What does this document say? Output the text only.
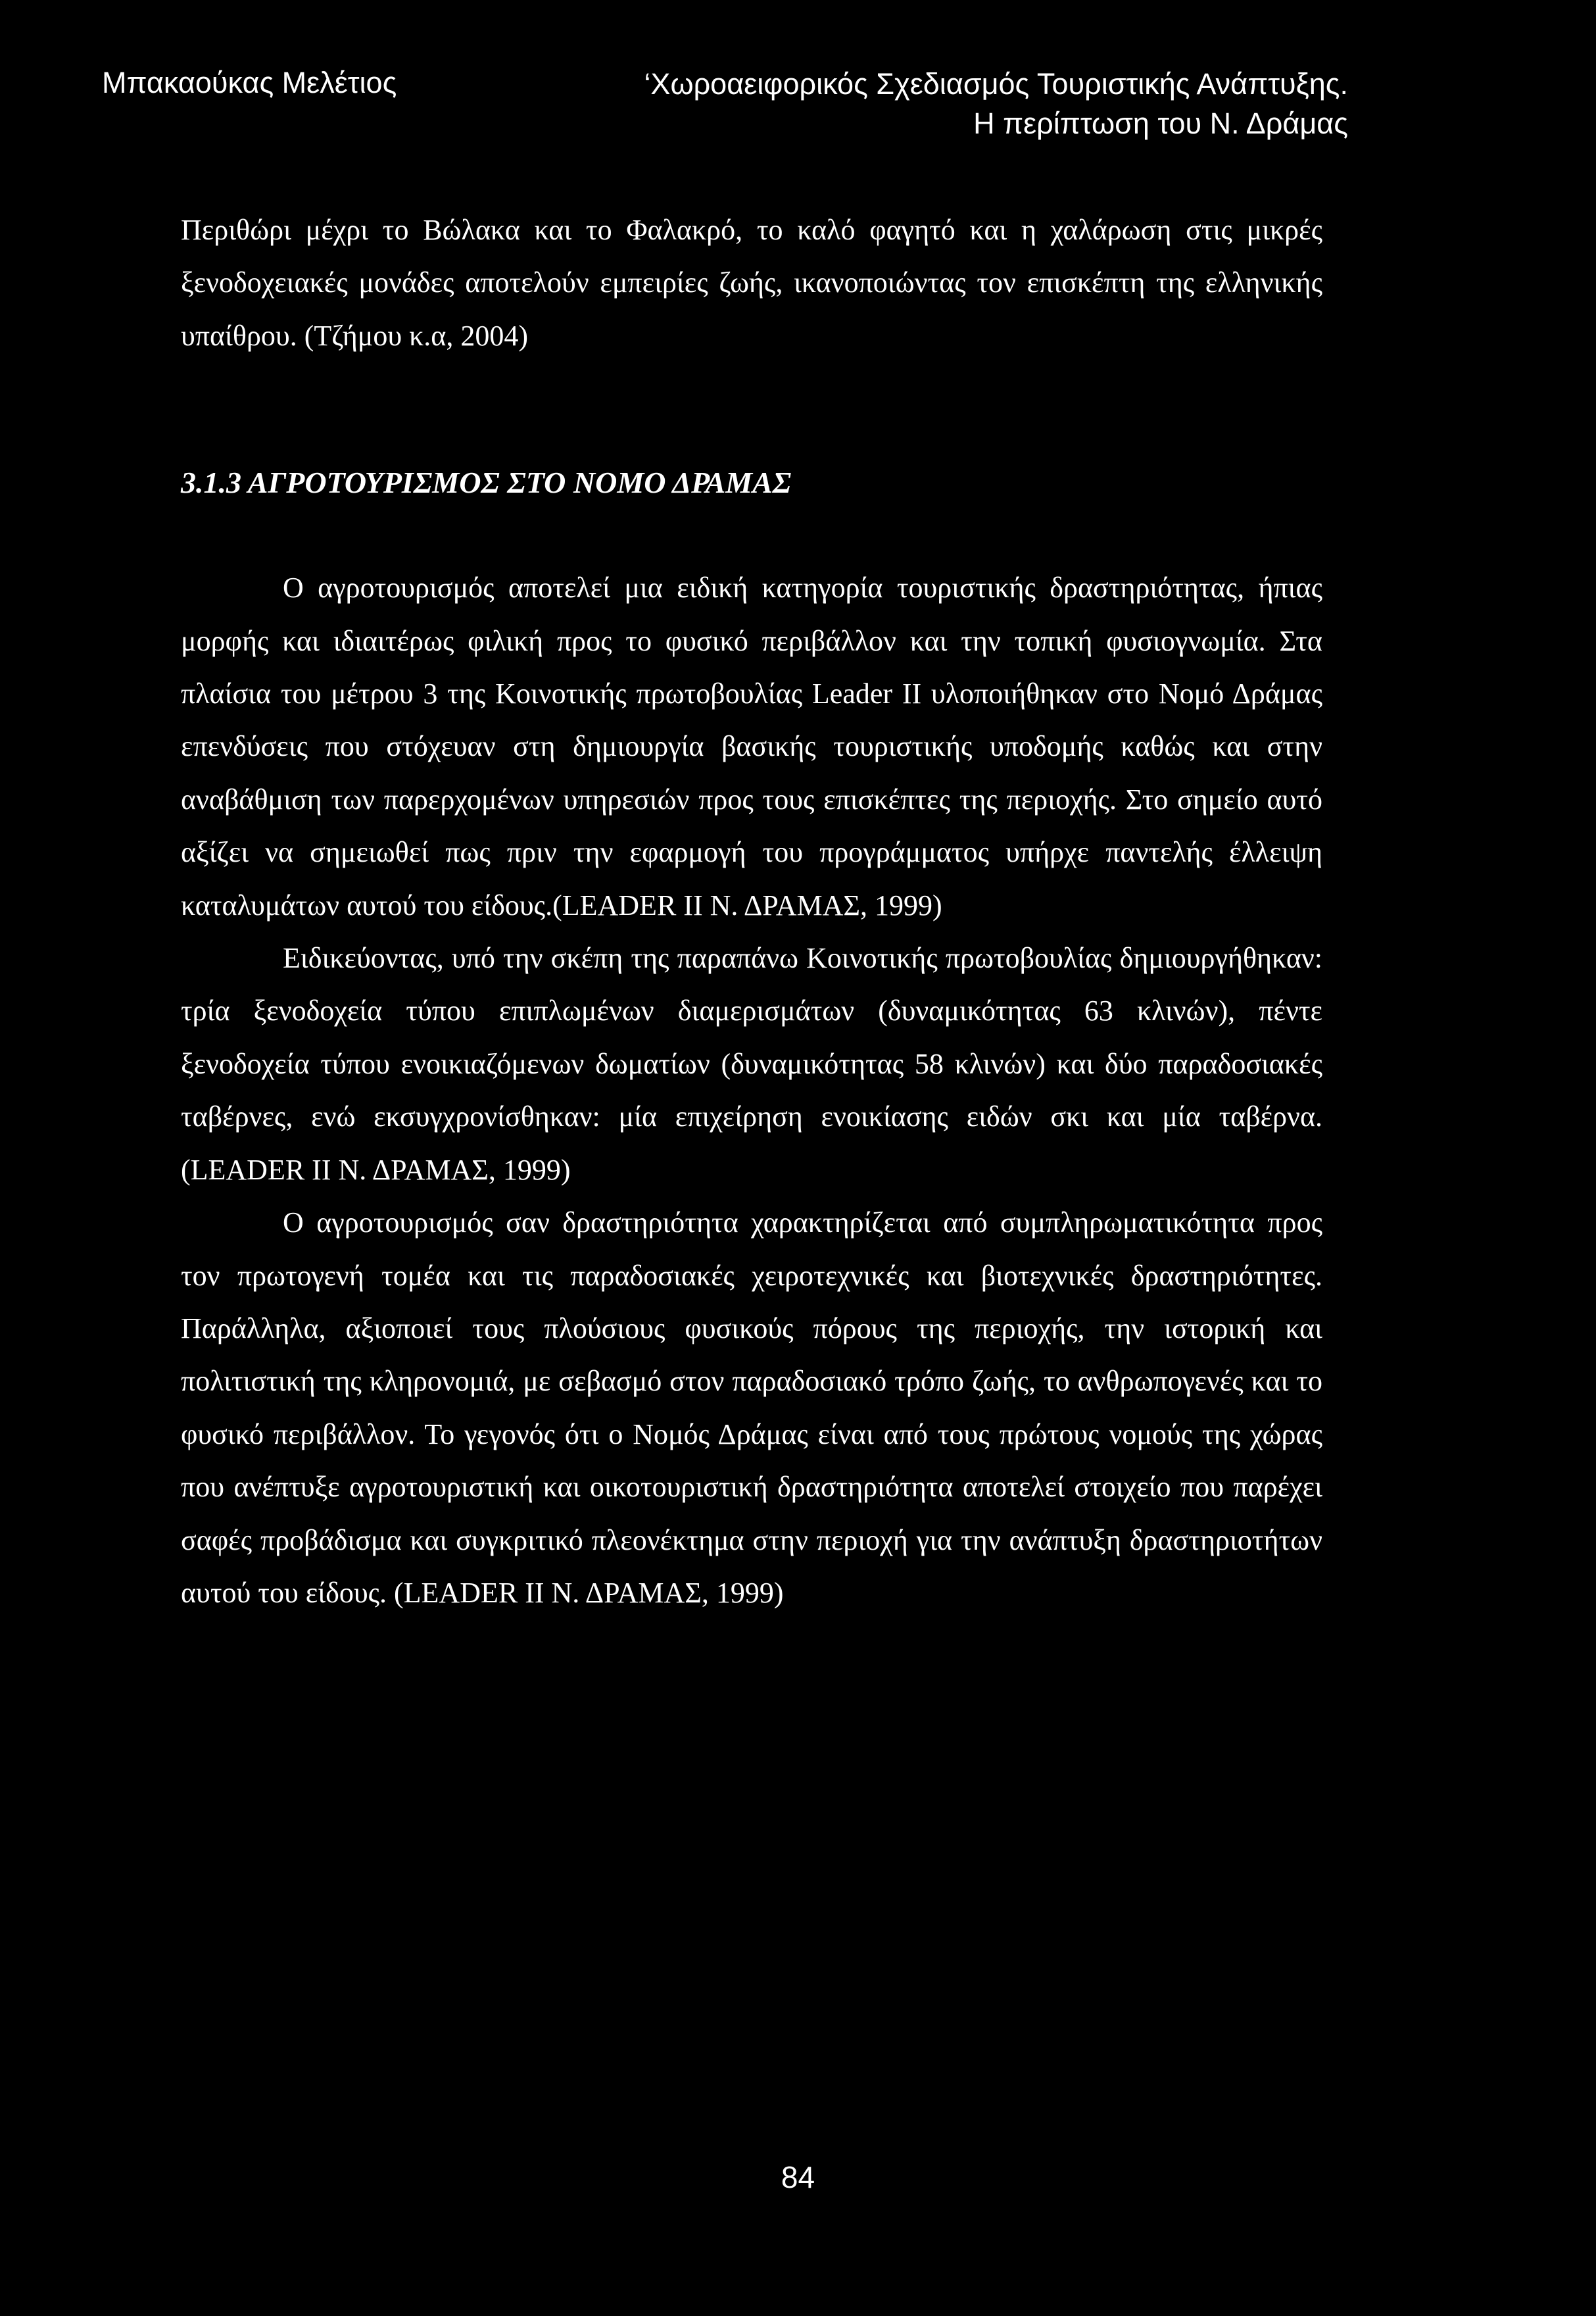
Μπακαούκας Μελέτιος	‘Χωροαειφορικός Σχεδιασμός Τουριστικής Ανάπτυξης.
Η περίπτωση του Ν. Δράμας

Περιθώρι μέχρι το Βώλακα και το Φαλακρό, το καλό φαγητό και η χαλάρωση στις μικρές ξενοδοχειακές μονάδες αποτελούν εμπειρίες ζωής, ικανοποιώντας τον επισκέπτη της ελληνικής υπαίθρου. (Τζήμου κ.α, 2004)

3.1.3 ΑΓΡΟΤΟΥΡΙΣΜΟΣ ΣΤΟ ΝΟΜΟ ΔΡΑΜΑΣ

Ο αγροτουρισμός αποτελεί μια ειδική κατηγορία τουριστικής δραστηριότητας, ήπιας μορφής και ιδιαιτέρως φιλική προς το φυσικό περιβάλλον και την τοπική φυσιογνωμία. Στα πλαίσια του μέτρου 3 της Κοινοτικής πρωτοβουλίας Leader II υλοποιήθηκαν στο Νομό Δράμας επενδύσεις που στόχευαν στη δημιουργία βασικής τουριστικής υποδομής καθώς και στην αναβάθμιση των παρερχομένων υπηρεσιών προς τους επισκέπτες της περιοχής. Στο σημείο αυτό αξίζει να σημειωθεί πως πριν την εφαρμογή του προγράμματος υπήρχε παντελής έλλειψη καταλυμάτων αυτού του είδους.(LEADER II Ν. ΔΡΑΜΑΣ, 1999)

Ειδικεύοντας, υπό την σκέπη της παραπάνω Κοινοτικής πρωτοβουλίας δημιουργήθηκαν: τρία ξενοδοχεία τύπου επιπλωμένων διαμερισμάτων (δυναμικότητας 63 κλινών), πέντε ξενοδοχεία τύπου ενοικιαζόμενων δωματίων (δυναμικότητας 58 κλινών) και δύο παραδοσιακές ταβέρνες, ενώ εκσυγχρονίσθηκαν: μία επιχείρηση ενοικίασης ειδών σκι και μία ταβέρνα. (LEADER II Ν. ΔΡΑΜΑΣ, 1999)

Ο αγροτουρισμός σαν δραστηριότητα χαρακτηρίζεται από συμπληρωματικότητα προς τον πρωτογενή τομέα και τις παραδοσιακές χειροτεχνικές και βιοτεχνικές δραστηριότητες. Παράλληλα, αξιοποιεί τους πλούσιους φυσικούς πόρους της περιοχής, την ιστορική και πολιτιστική της κληρονομιά, με σεβασμό στον παραδοσιακό τρόπο ζωής, το ανθρωπογενές και το φυσικό περιβάλλον. Το γεγονός ότι ο Νομός Δράμας είναι από τους πρώτους νομούς της χώρας που ανέπτυξε αγροτουριστική και οικοτουριστική δραστηριότητα αποτελεί στοιχείο που παρέχει σαφές προβάδισμα και συγκριτικό πλεονέκτημα στην περιοχή για την ανάπτυξη δραστηριοτήτων αυτού του είδους. (LEADER II Ν. ΔΡΑΜΑΣ, 1999)

84
